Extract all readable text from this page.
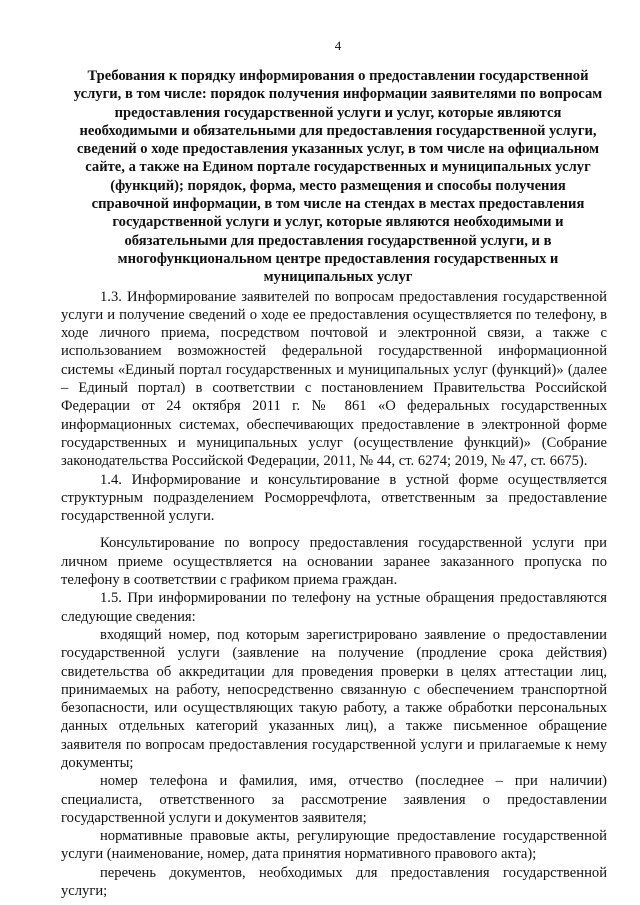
4
Требования к порядку информирования о предоставлении государственной услуги, в том числе: порядок получения информации заявителями по вопросам предоставления государственной услуги и услуг, которые являются необходимыми и обязательными для предоставления государственной услуги, сведений о ходе предоставления указанных услуг, в том числе на официальном сайте, а также на Едином портале государственных и муниципальных услуг (функций); порядок, форма, место размещения и способы получения справочной информации, в том числе на стендах в местах предоставления государственной услуги и услуг, которые являются необходимыми и обязательными для предоставления государственной услуги, и в многофункциональном центре предоставления государственных и муниципальных услуг

1.3. Информирование заявителей по вопросам предоставления государственной услуги и получение сведений о ходе ее предоставления осуществляется по телефону, в ходе личного приема, посредством почтовой и электронной связи, а также с использованием возможностей федеральной государственной информационной системы «Единый портал государственных и муниципальных услуг (функций)» (далее – Единый портал) в соответствии с постановлением Правительства Российской Федерации от 24 октября 2011 г. № 861 «О федеральных государственных информационных системах, обеспечивающих предоставление в электронной форме государственных и муниципальных услуг (осуществление функций)» (Собрание законодательства Российской Федерации, 2011, № 44, ст. 6274; 2019, № 47, ст. 6675).

1.4. Информирование и консультирование в устной форме осуществляется структурным подразделением Росморречфлота, ответственным за предоставление государственной услуги.

Консультирование по вопросу предоставления государственной услуги при личном приеме осуществляется на основании заранее заказанного пропуска по телефону в соответствии с графиком приема граждан.

1.5. При информировании по телефону на устные обращения предоставляются следующие сведения:

входящий номер, под которым зарегистрировано заявление о предоставлении государственной услуги (заявление на получение (продление срока действия) свидетельства об аккредитации для проведения проверки в целях аттестации лиц, принимаемых на работу, непосредственно связанную с обеспечением транспортной безопасности, или осуществляющих такую работу, а также обработки персональных данных отдельных категорий указанных лиц), а также письменное обращение заявителя по вопросам предоставления государственной услуги и прилагаемые к нему документы;

номер телефона и фамилия, имя, отчество (последнее – при наличии) специалиста, ответственного за рассмотрение заявления о предоставлении государственной услуги и документов заявителя;

нормативные правовые акты, регулирующие предоставление государственной услуги (наименование, номер, дата принятия нормативного правового акта);

перечень документов, необходимых для предоставления государственной услуги;
